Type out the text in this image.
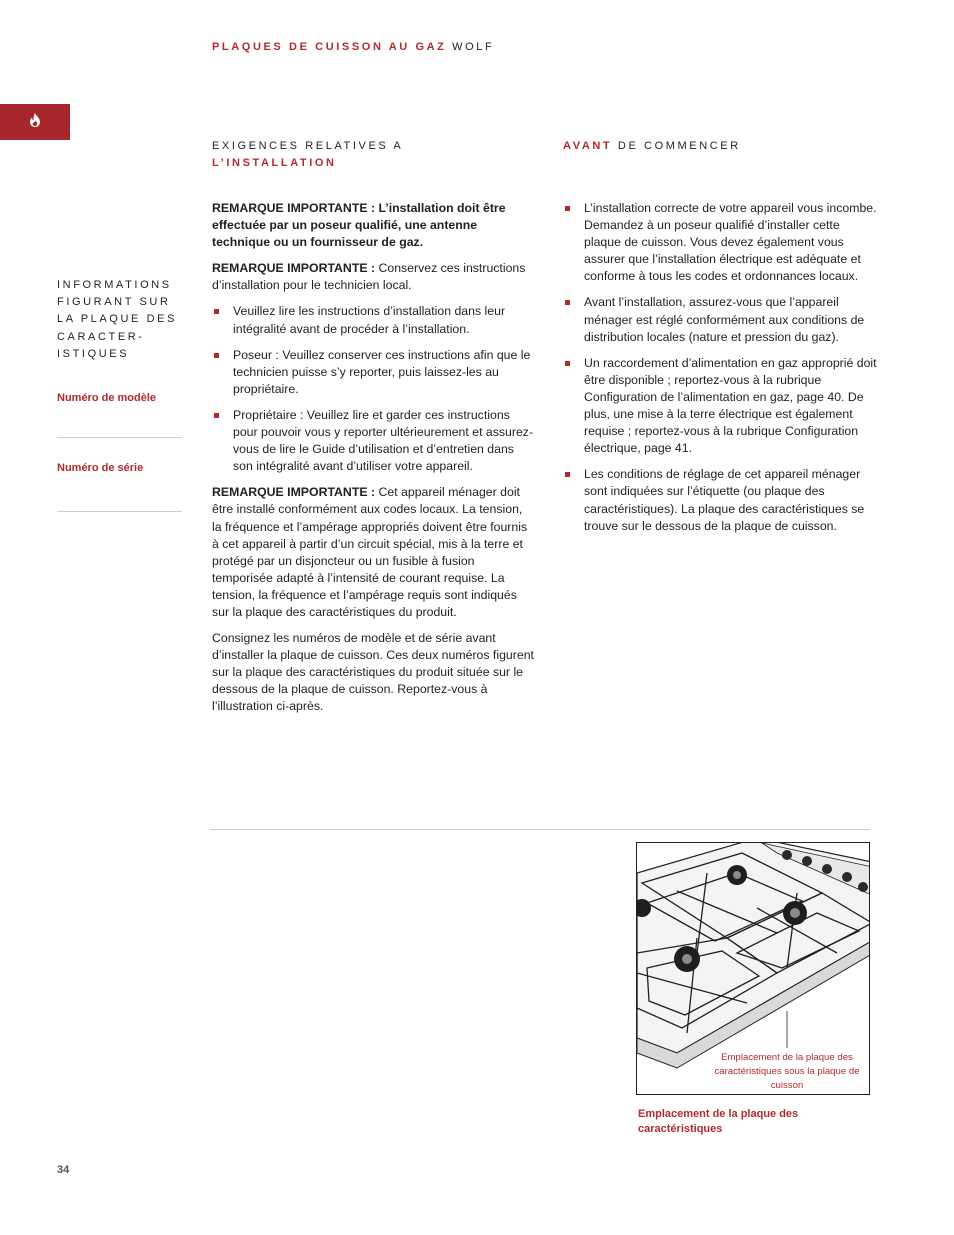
PLAQUES DE CUISSON AU GAZ WOLF
EXIGENCES RELATIVES A
L’INSTALLATION
AVANT DE COMMENCER
INFORMATIONS FIGURANT SUR LA PLAQUE DES CARACTER-ISTIQUES
Numéro de modèle
Numéro de série

REMARQUE IMPORTANTE : L’installation doit être effectuée par un poseur qualifié, une antenne technique ou un fournisseur de gaz.

REMARQUE IMPORTANTE : Conservez ces instructions d’installation pour le technicien local.

Veuillez lire les instructions d’installation dans leur intégralité avant de procéder à l’installation.
Poseur : Veuillez conserver ces instructions afin que le technicien puisse s’y reporter, puis laissez-les au propriétaire.
Propriétaire : Veuillez lire et garder ces instructions pour pouvoir vous y reporter ultérieurement et assurez-vous de lire le Guide d’utilisation et d’entretien dans son intégralité avant d’utiliser votre appareil.

REMARQUE IMPORTANTE : Cet appareil ménager doit être installé conformément aux codes locaux. La tension, la fréquence et l’ampérage appropriés doivent être fournis à cet appareil à partir d’un circuit spécial, mis à la terre et protégé par un disjoncteur ou un fusible à fusion temporisée adapté à l’intensité de courant requise. La tension, la fréquence et l’ampérage requis sont indiqués sur la plaque des caractéristiques du produit.

Consignez les numéros de modèle et de série avant d’installer la plaque de cuisson. Ces deux numéros figurent sur la plaque des caractéristiques du produit située sur le dessous de la plaque de cuisson. Reportez-vous à l’illustration ci-après.

L’installation correcte de votre appareil vous incombe. Demandez à un poseur qualifié d’installer cette plaque de cuisson. Vous devez également vous assurer que l’installation électrique est adéquate et conforme à tous les codes et ordonnances locaux.
Avant l’installation, assurez-vous que l’appareil ménager est réglé conformément aux conditions de distribution locales (nature et pression du gaz).
Un raccordement d’alimentation en gaz approprié doit être disponible ; reportez-vous à la rubrique Configuration de l’alimentation en gaz, page 40. De plus, une mise à la terre électrique est également requise ; reportez-vous à la rubrique Configuration électrique, page 41.
Les conditions de réglage de cet appareil ménager sont indiquées sur l’étiquette (ou plaque des caractéristiques). La plaque des caractéristiques se trouve sur le dessous de la plaque de cuisson.
Emplacement de la plaque des caractéristiques sous la plaque de cuisson
Emplacement de la plaque des caractéristiques
34
